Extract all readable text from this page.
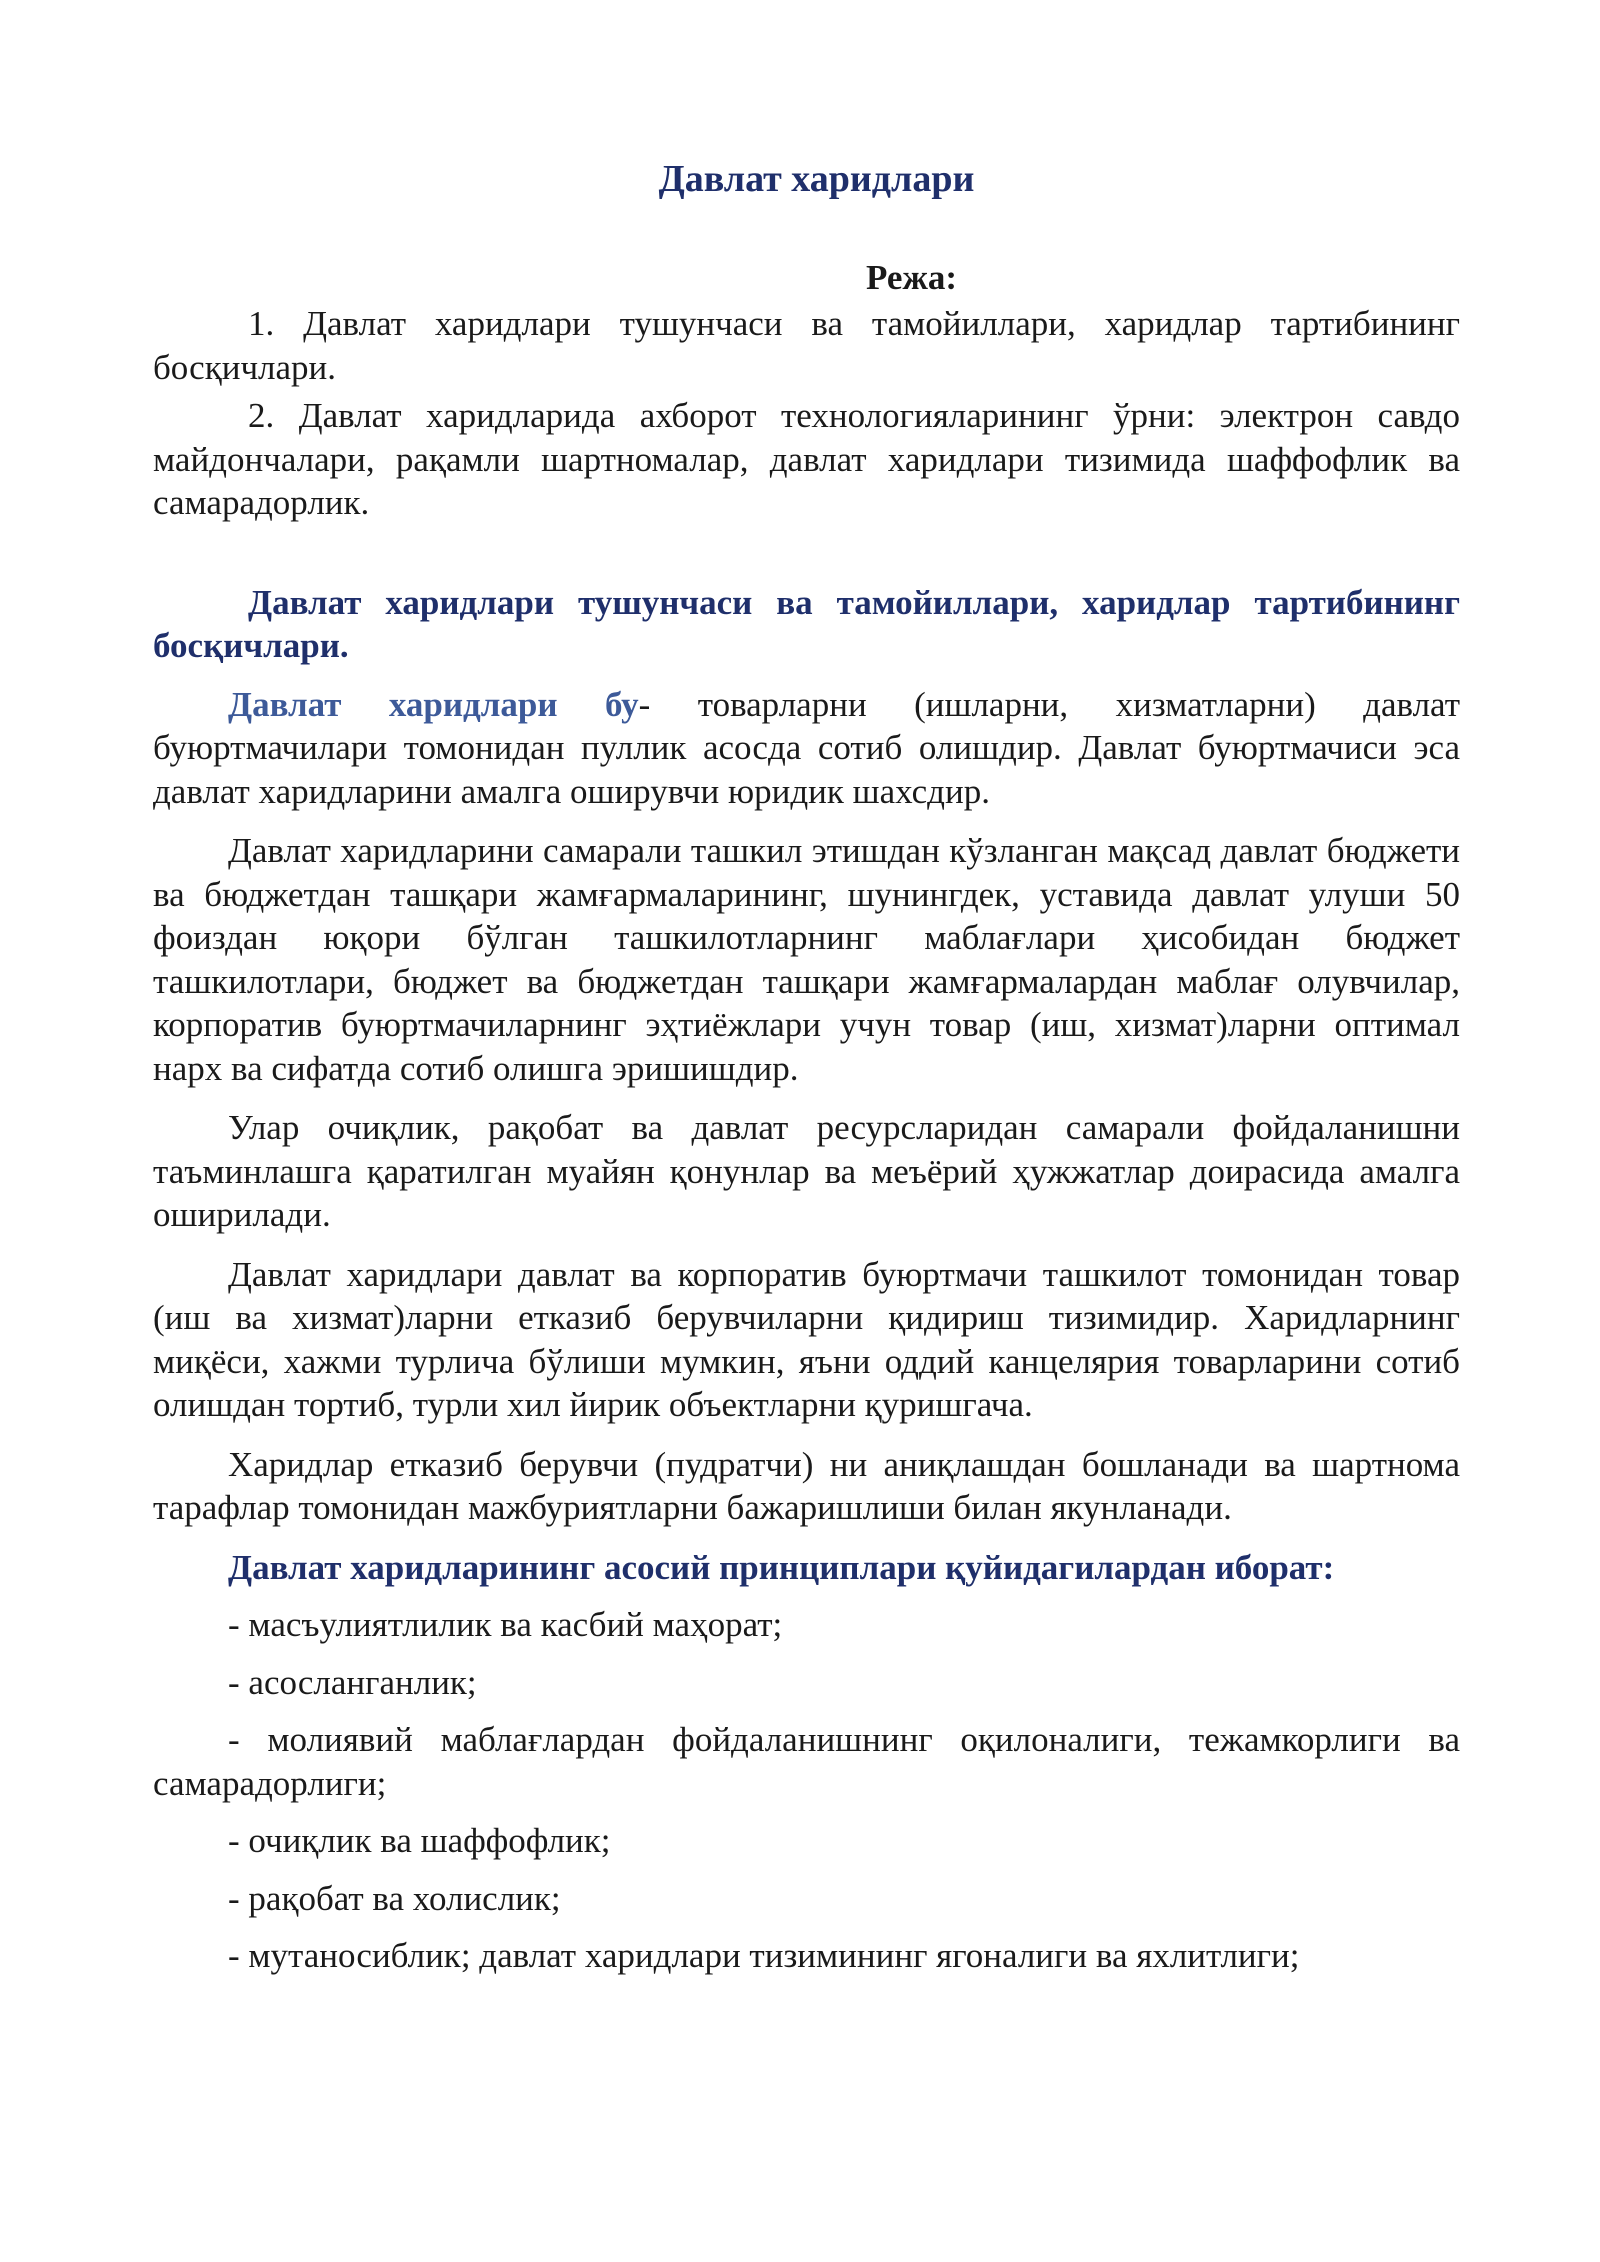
Давлат харидлари
Режа:
1. Давлат харидлари тушунчаси ва тамойиллари, харидлар тартибининг босқичлари.
2. Давлат харидларида ахборот технологияларининг ўрни: электрон савдо майдончалари, рақамли шартномалар, давлат харидлари тизимида шаффофлик ва самарадорлик.
Давлат харидлари тушунчаси ва тамойиллари, харидлар тартибининг босқичлари.

Давлат харидлари бу- товарларни (ишларни, хизматларни) давлат буюртмачилари томонидан пуллик асосда сотиб олишдир. Давлат буюртмачиси эса давлат харидларини амалга оширувчи юридик шахсдир.

Давлат харидларини самарали ташкил этишдан кўзланган мақсад давлат бюджети ва бюджетдан ташқари жамғармаларининг, шунингдек, уставида давлат улуши 50 фоиздан юқори бўлган ташкилотларнинг маблағлари ҳисобидан бюджет ташкилотлари, бюджет ва бюджетдан ташқари жамғармалардан маблағ олувчилар, корпоратив буюртмачиларнинг эҳтиёжлари учун товар (иш, хизмат)ларни оптимал нарх ва сифатда сотиб олишга эришишдир.

Улар очиқлик, рақобат ва давлат ресурсларидан самарали фойдаланишни таъминлашга қаратилган муайян қонунлар ва меъёрий ҳужжатлар доирасида амалга оширилади.

Давлат харидлари давлат ва корпоратив буюртмачи ташкилот томонидан товар (иш ва хизмат)ларни етказиб берувчиларни қидириш тизимидир. Харидларнинг миқёси, хажми турлича бўлиши мумкин, яъни оддий канцелярия товарларини сотиб олишдан тортиб, турли хил йирик объектларни қуришгача.

Харидлар етказиб берувчи (пудратчи) ни аниқлашдан бошланади ва шартнома тарафлар томонидан мажбуриятларни бажаришлиши билан якунланади.

Давлат харидларининг асосий принциплари қуйидагилардан иборат:

- масъулиятлилик ва касбий маҳорат;

- асосланганлик;

- молиявий маблағлардан фойдаланишнинг оқилоналиги, тежамкорлиги ва самарадорлиги;

- очиқлик ва шаффофлик;

- рақобат ва холислик;

- мутаносиблик; давлат харидлари тизимининг ягоналиги ва яхлитлиги;
